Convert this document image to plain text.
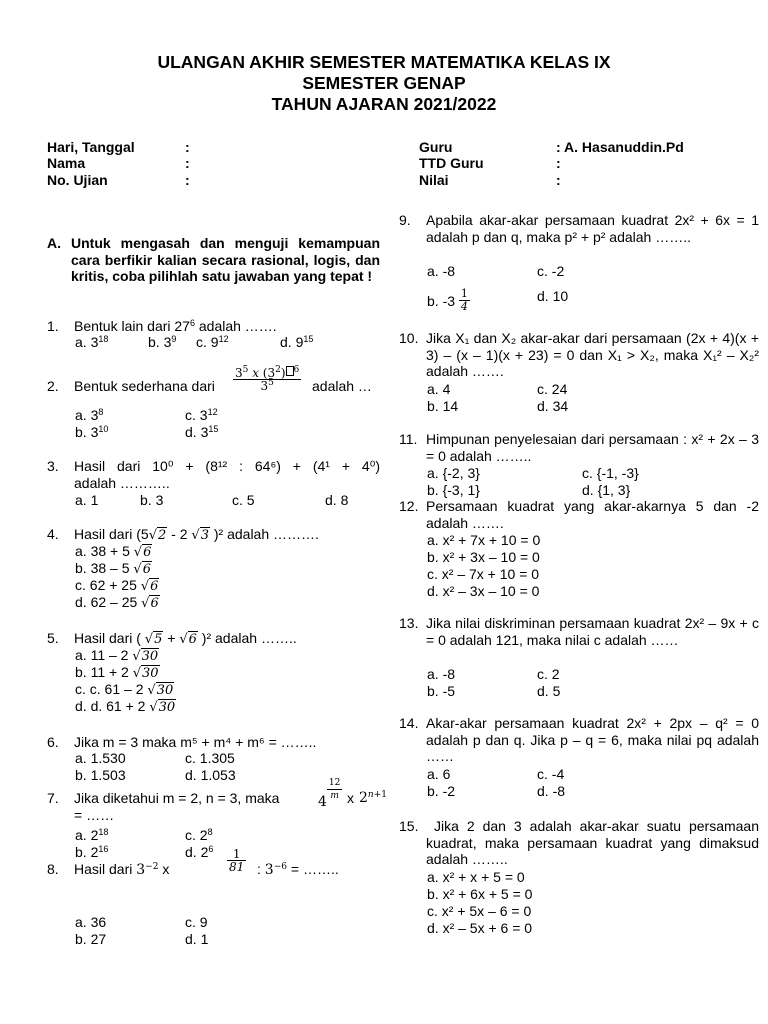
ULANGAN AKHIR SEMESTER MATEMATIKA KELAS IX
SEMESTER GENAP
TAHUN AJARAN 2021/2022
Hari, Tanggal	:
Nama	:
No. Ujian	:
Guru	: A. Hasanuddin.Pd
TTD Guru	:
Nilai	:
A. Untuk mengasah dan menguji kemampuan cara berfikir kalian secara rasional, logis, dan kritis, coba pilihlah satu jawaban yang tepat !
1. Bentuk lain dari $27^6$ adalah …….
a. $3^{18}$	b. $3^9$ c. $9^{12}$	d. $9^{15}$
2. Bentuk sederhana dari	$\frac{3^5 x (3^2) ^6}{3^5}$ adalah …
a. $3^8$	c. $3^{12}$
b. $3^{10}$	d. $3^{15}$
3. Hasil dari 10⁰ + (8¹² : 64⁶) + (4¹ + 4⁰)
adalah ………..
a. 1	b. 3	c. 5	d. 8
4. Hasil dari (5√2 - 2 √3 )² adalah ……….
a. 38 + 5 √6
b. 38 – 5 √6
c. 62 + 25 √6
d. 62 – 25 √6
5. Hasil dari ( √5 + √6 )² adalah ……..
a. 11 – 2 √30
b. 11 + 2 √30
c. c. 61 – 2 √30
d. d. 61 + 2 √30
6. Jika m = 3 maka m⁵ + m⁴ + m⁶ = ……..
a. 1.530	c. 1.305
b. 1.503	d. 1.053
7. Jika diketahui m = 2, n = 3, maka	$4 \frac{12}{m}$ x $2^{n+1}$
= ……
a. $2^{18}$	c. $2^8$
b. $2^{16}$	d. $2^6$
8. Hasil dari $3^{-2}$ x	$\frac{1}{81}$ : $3^{-6}$ = ……..
a. 36	c. 9
b. 27	d. 1
9. Apabila akar-akar persamaan kuadrat 2x² + 6x = 1 adalah p dan q, maka p² + p² adalah ……..
a. -8	c. -2
b. $-3 \frac{1}{4}$	d. 10
10. Jika X₁ dan X₂ akar-akar dari persamaan (2x + 4)(x + 3) – (x – 1)(x + 23) = 0 dan X₁ > X₂, maka X₁² – X₂² adalah …….
a. 4	c. 24
b. 14	d. 34
11. Himpunan penyelesaian dari persamaan : x² + 2x – 3 = 0 adalah ……..
a. {-2, 3}	c. {-1, -3}
b. {-3, 1}	d. {1, 3}
12. Persamaan kuadrat yang akar-akarnya 5 dan -2 adalah …….
a. x² + 7x + 10 = 0
b. x² + 3x – 10 = 0
c. x² – 7x + 10 = 0
d. x² – 3x – 10 = 0
13. Jika nilai diskriminan persamaan kuadrat 2x² – 9x + c = 0 adalah 121, maka nilai c adalah ……
a. -8	c. 2
b. -5	d. 5
14. Akar-akar persamaan kuadrat 2x² + 2px – q² = 0 adalah p dan q. Jika p – q = 6, maka nilai pq adalah ……
a. 6	c. -4
b. -2	d. -8
15. Jika 2 dan 3 adalah akar-akar suatu persamaan kuadrat, maka persamaan kuadrat yang dimaksud adalah ……..
a. x² + x + 5 = 0
b. x² + 6x + 5 = 0
c. x² + 5x – 6 = 0
d. x² – 5x + 6 = 0
